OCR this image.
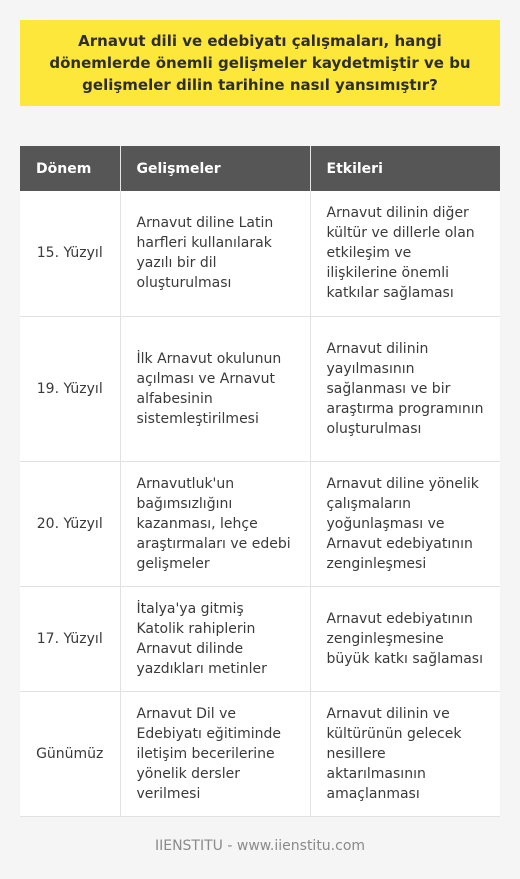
Arnavut dili ve edebiyatı çalışmaları, hangi dönemlerde önemli gelişmeler kaydetmiştir ve bu gelişmeler dilin tarihine nasıl yansımıştır?
Dönem	Gelişmeler	Etkileri
15. Yüzyıl	Arnavut diline Latin harfleri kullanılarak yazılı bir dil oluşturulması	Arnavut dilinin diğer kültür ve dillerle olan etkileşim ve ilişkilerine önemli katkılar sağlaması
19. Yüzyıl	İlk Arnavut okulunun açılması ve Arnavut alfabesinin sistemleştirilmesi	Arnavut dilinin yayılmasının sağlanması ve bir araştırma programının oluşturulması
20. Yüzyıl	Arnavutluk'un bağımsızlığını kazanması, lehçe araştırmaları ve edebi gelişmeler	Arnavut diline yönelik çalışmaların yoğunlaşması ve Arnavut edebiyatının zenginleşmesi
17. Yüzyıl	İtalya'ya gitmiş Katolik rahiplerin Arnavut dilinde yazdıkları metinler	Arnavut edebiyatının zenginleşmesine büyük katkı sağlaması
Günümüz	Arnavut Dil ve Edebiyatı eğitiminde iletişim becerilerine yönelik dersler verilmesi	Arnavut dilinin ve kültürünün gelecek nesillere aktarılmasının amaçlanması
IIENSTITU - www.iienstitu.com
